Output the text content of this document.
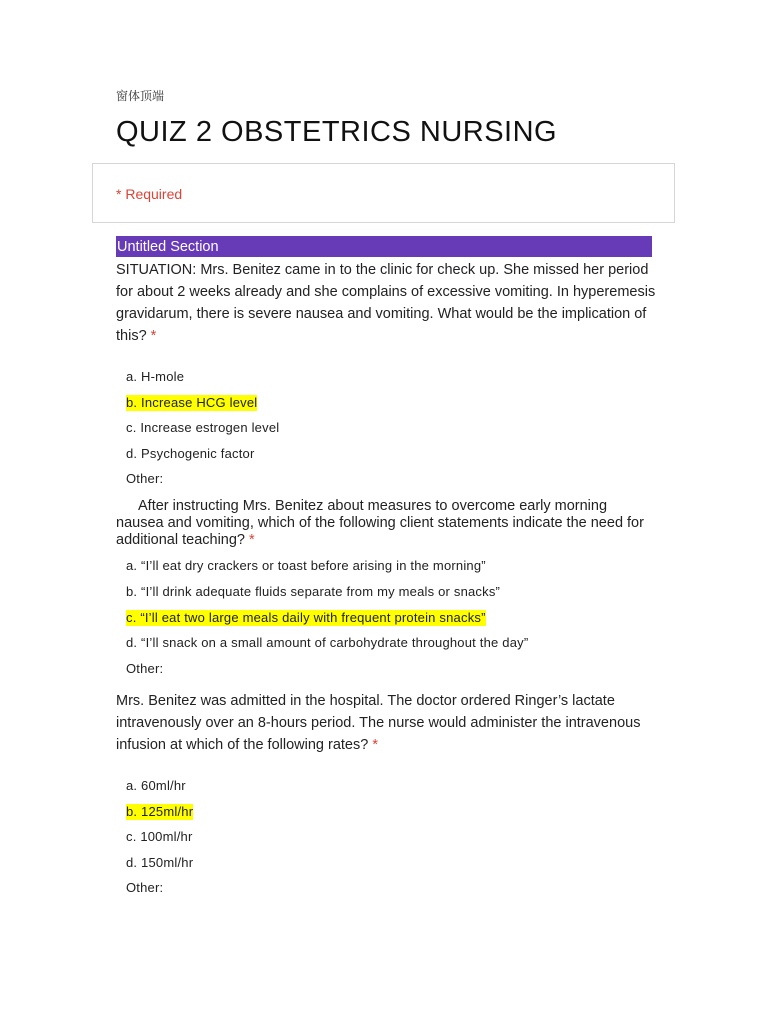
窗体顶端
QUIZ 2 OBSTETRICS NURSING
* Required
Untitled Section
SITUATION: Mrs. Benitez came in to the clinic for check up. She missed her period for about 2 weeks already and she complains of excessive vomiting. In hyperemesis gravidarum, there is severe nausea and vomiting. What would be the implication of this? *
a. H-mole
b. Increase HCG level
c. Increase estrogen level
d. Psychogenic factor
Other:
After instructing Mrs. Benitez about measures to overcome early morning nausea and vomiting, which of the following client statements indicate the need for additional teaching? *
a. “I’ll eat dry crackers or toast before arising in the morning”
b. “I’ll drink adequate fluids separate from my meals or snacks”
c. “I’ll eat two large meals daily with frequent protein snacks”
d. “I’ll snack on a small amount of carbohydrate throughout the day”
Other:
Mrs. Benitez was admitted in the hospital. The doctor ordered Ringer’s lactate intravenously over an 8-hours period. The nurse would administer the intravenous infusion at which of the following rates? *
a. 60ml/hr
b. 125ml/hr
c. 100ml/hr
d. 150ml/hr
Other:
